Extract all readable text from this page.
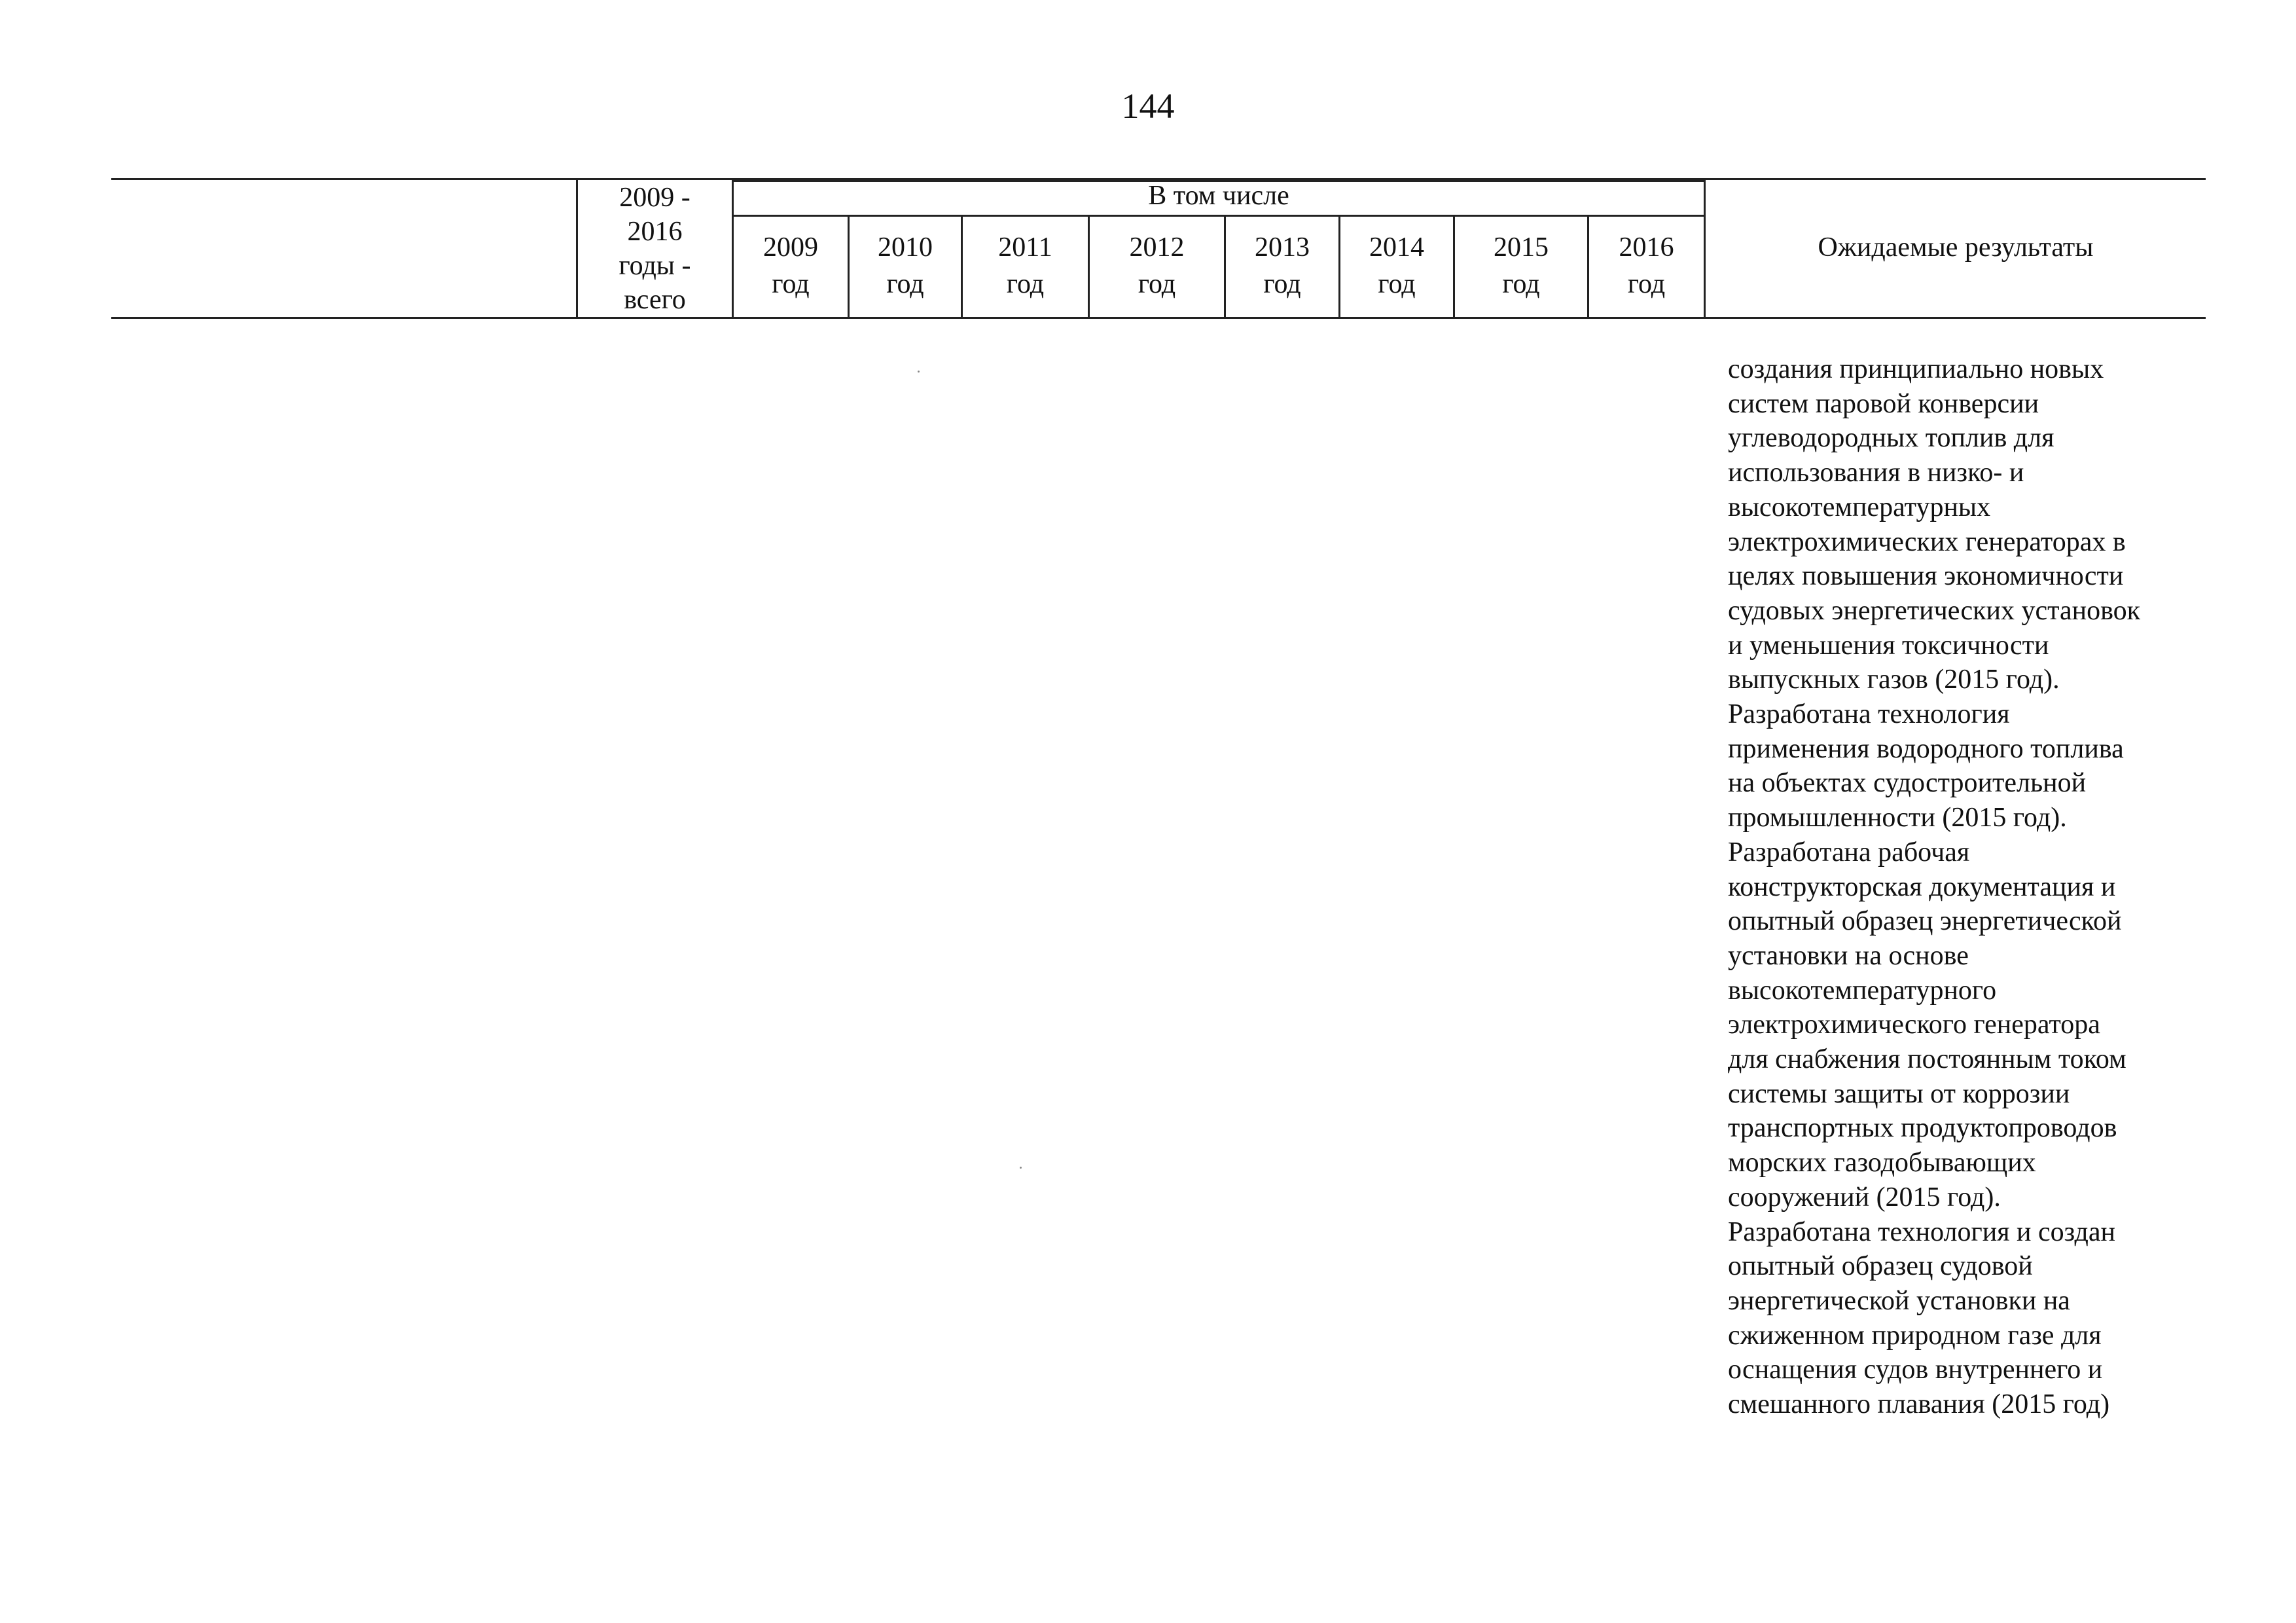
144
2009 -
2016
годы -
всего
В том числе
2009
год
2010
год
2011
год
2012
год
2013
год
2014
год
2015
год
2016
год
Ожидаемые результаты
создания принципиально новых
систем паровой конверсии
углеводородных топлив для
использования в низко- и
высокотемпературных
электрохимических генераторах в
целях повышения экономичности
судовых энергетических установок
и уменьшения токсичности
выпускных газов (2015 год).
Разработана технология
применения водородного топлива
на объектах судостроительной
промышленности (2015 год).
Разработана рабочая
конструкторская документация и
опытный образец энергетической
установки на основе
высокотемпературного
электрохимического генератора
для снабжения постоянным током
системы защиты от коррозии
транспортных продуктопроводов
морских газодобывающих
сооружений (2015 год).
Разработана технология и создан
опытный образец судовой
энергетической установки на
сжиженном природном газе для
оснащения судов внутреннего и
смешанного плавания (2015 год)
